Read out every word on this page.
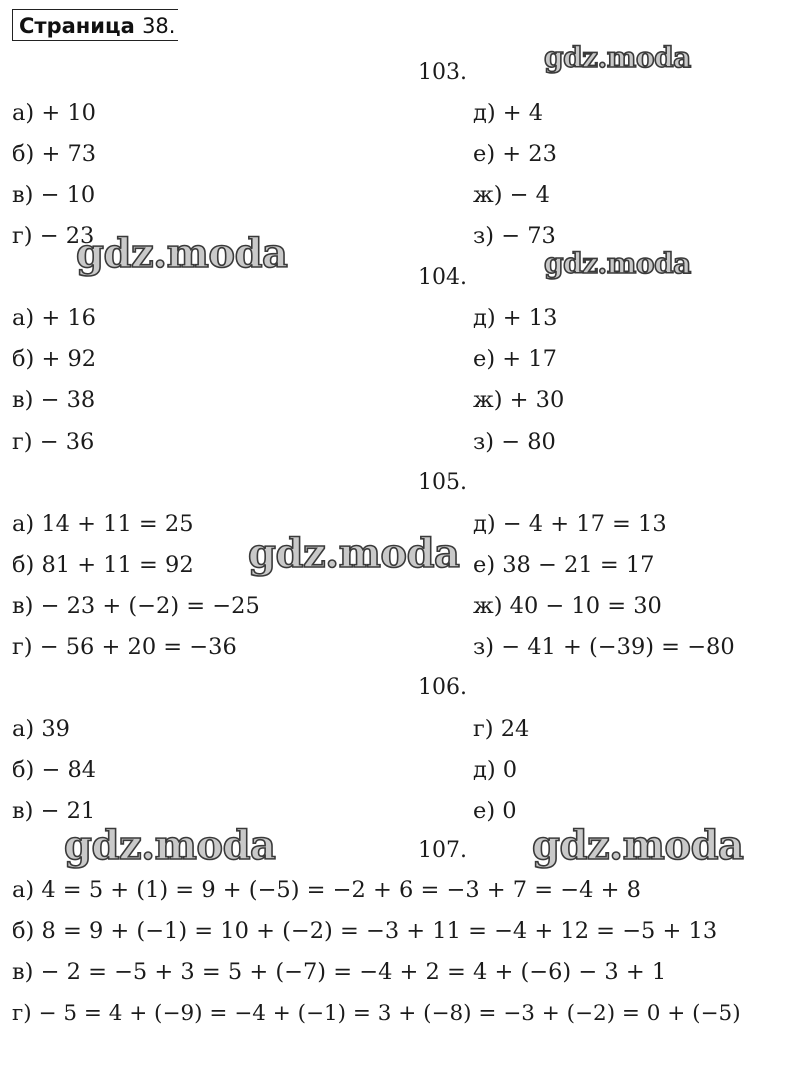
Страница 38.
gdz.moda
gdz.moda	gdz.moda
gdz.moda
gdz.moda	gdz.moda
103.
а) + 10
б) + 73
в) − 10
г) − 23
д) + 4
е) + 23
ж) − 4
з) − 73
104.
а) + 16
б) + 92
в) − 38
г) − 36
д) + 13
е) + 17
ж) + 30
з) − 80
105.
а) 14 + 11 = 25
б) 81 + 11 = 92
в) − 23 + (−2) = −25
г) − 56 + 20 = −36
д) − 4 + 17 = 13
е) 38 − 21 = 17
ж) 40 − 10 = 30
з) − 41 + (−39) = −80
106.
а) 39
б) − 84
в) − 21
г) 24
д) 0
е) 0
107.
а) 4 = 5 + (1) = 9 + (−5) = −2 + 6 = −3 + 7 = −4 + 8
б) 8 = 9 + (−1) = 10 + (−2) = −3 + 11 = −4 + 12 = −5 + 13
в) − 2 = −5 + 3 = 5 + (−7) = −4 + 2 = 4 + (−6) − 3 + 1
г) − 5 = 4 + (−9) = −4 + (−1) = 3 + (−8) = −3 + (−2) = 0 + (−5)
